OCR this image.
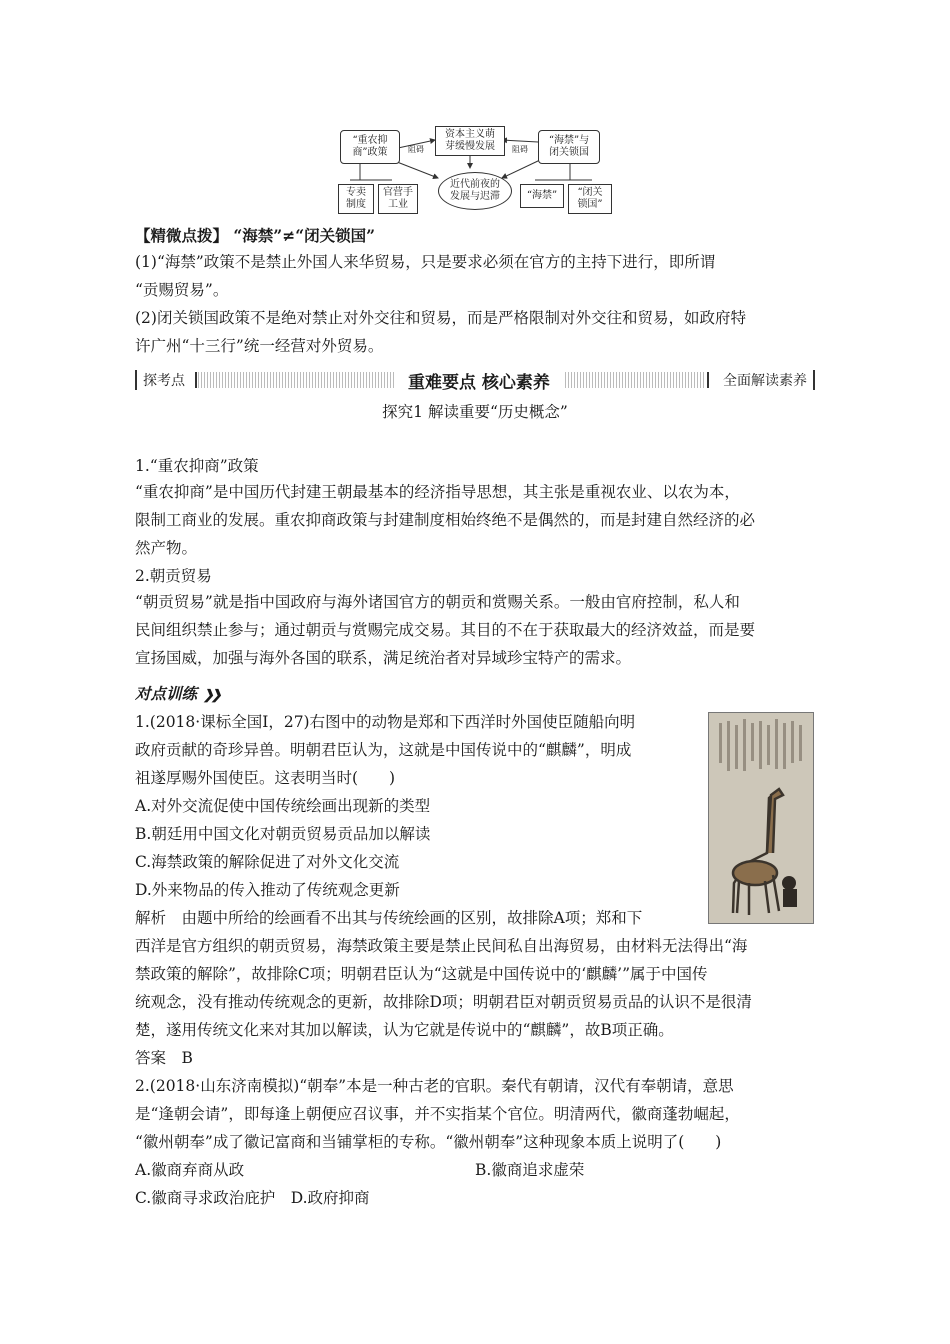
“重农抑
商”政策
资本主义萌
芽缓慢发展
“海禁”与
闭关锁国
近代前夜的
发展与迟滞
专卖
制度
官营手
工业
“海禁”	“闭关
锁国”
阻碍	阻碍
【精微点拨】 “海禁”≠“闭关锁国”
(1)“海禁”政策不是禁止外国人来华贸易，只是要求必须在官方的主持下进行，即所谓
“贡赐贸易”。
(2)闭关锁国政策不是绝对禁止对外交往和贸易，而是严格限制对外交往和贸易，如政府特
许广州“十三行”统一经营对外贸易。
探考点	重难要点 核心素养	全面解读素养
探究1 解读重要“历史概念”
1.“重农抑商”政策
“重农抑商”是中国历代封建王朝最基本的经济指导思想，其主张是重视农业、以农为本，
限制工商业的发展。重农抑商政策与封建制度相始终绝不是偶然的，而是封建自然经济的必
然产物。
2.朝贡贸易
“朝贡贸易”就是指中国政府与海外诸国官方的朝贡和赏赐关系。一般由官府控制，私人和
民间组织禁止参与；通过朝贡与赏赐完成交易。其目的不在于获取最大的经济效益，而是要
宣扬国威，加强与海外各国的联系，满足统治者对异域珍宝特产的需求。
对点训练 ❯❯
1.(2018·课标全国Ⅰ，27)右图中的动物是郑和下西洋时外国使臣随船向明
政府贡献的奇珍异兽。明朝君臣认为，这就是中国传说中的“麒麟”，明成
祖遂厚赐外国使臣。这表明当时(　　)
A.对外交流促使中国传统绘画出现新的类型
B.朝廷用中国文化对朝贡贸易贡品加以解读
C.海禁政策的解除促进了对外文化交流
D.外来物品的传入推动了传统观念更新
解析　由题中所给的绘画看不出其与传统绘画的区别，故排除A项；郑和下
西洋是官方组织的朝贡贸易，海禁政策主要是禁止民间私自出海贸易，由材料无法得出“海
禁政策的解除”，故排除C项；明朝君臣认为“这就是中国传说中的‘麒麟’”属于中国传
统观念，没有推动传统观念的更新，故排除D项；明朝君臣对朝贡贸易贡品的认识不是很清
楚，遂用传统文化来对其加以解读，认为它就是传说中的“麒麟”，故B项正确。
答案　B
2.(2018·山东济南模拟)“朝奉”本是一种古老的官职。秦代有朝请，汉代有奉朝请，意思
是“逢朝会请”，即每逢上朝便应召议事，并不实指某个官位。明清两代，徽商蓬勃崛起，
“徽州朝奉”成了徽记富商和当铺掌柜的专称。“徽州朝奉”这种现象本质上说明了(　　)
A.徽商弃商从政	B.徽商追求虚荣
C.徽商寻求政治庇护　D.政府抑商
